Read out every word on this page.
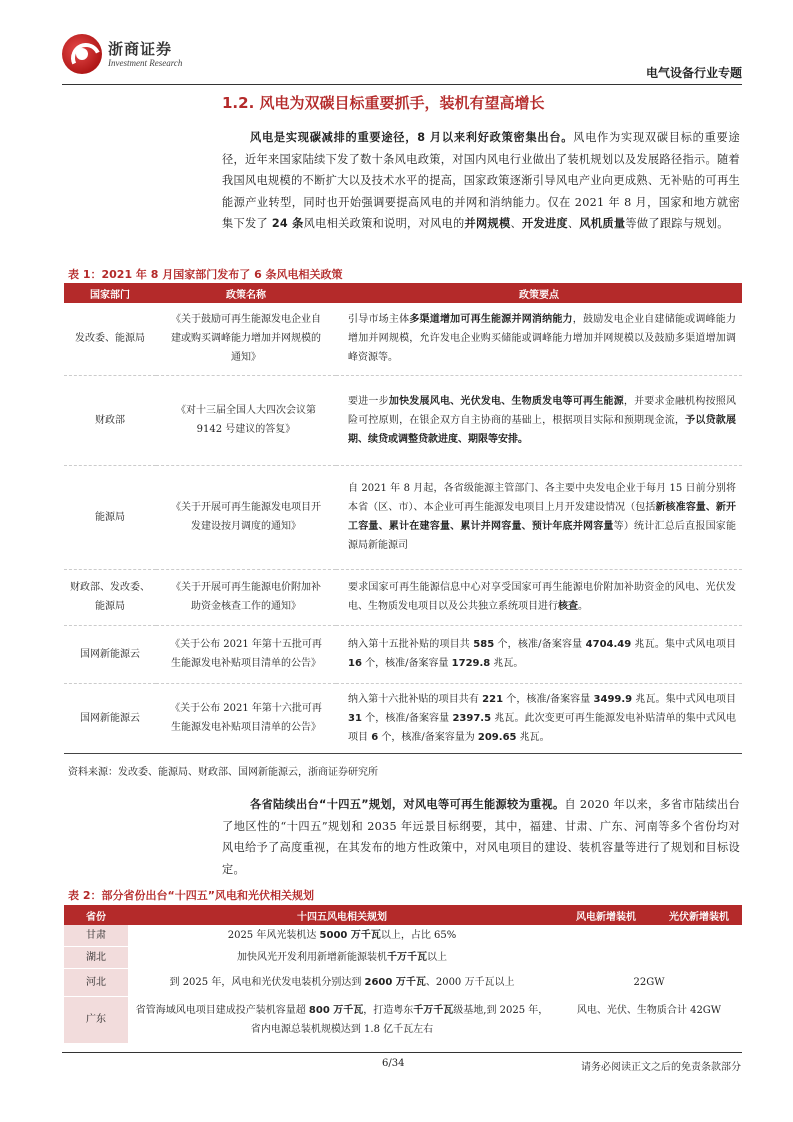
浙商证券
Investment Research
电气设备行业专题
1.2. 风电为双碳目标重要抓手，装机有望高增长
风电是实现碳减排的重要途径，8 月以来利好政策密集出台。风电作为实现双碳目标的重要途径，近年来国家陆续下发了数十条风电政策，对国内风电行业做出了装机规划以及发展路径指示。随着我国风电规模的不断扩大以及技术水平的提高，国家政策逐渐引导风电产业向更成熟、无补贴的可再生能源产业转型，同时也开始强调要提高风电的并网和消纳能力。仅在 2021 年 8 月，国家和地方就密集下发了 24 条风电相关政策和说明，对风电的并网规模、开发进度、风机质量等做了跟踪与规划。
表 1：2021 年 8 月国家部门发布了 6 条风电相关政策
国家部门	政策名称	政策要点
发改委、能源局	《关于鼓励可再生能源发电企业自建或购买调峰能力增加并网规模的通知》	引导市场主体多渠道增加可再生能源并网消纳能力，鼓励发电企业自建储能或调峰能力增加并网规模，允许发电企业购买储能或调峰能力增加并网规模以及鼓励多渠道增加调峰资源等。
财政部	《对十三届全国人大四次会议第 9142 号建议的答复》	要进一步加快发展风电、光伏发电、生物质发电等可再生能源，并要求金融机构按照风险可控原则，在银企双方自主协商的基础上，根据项目实际和预期现金流，予以贷款展期、续贷或调整贷款进度、期限等安排。
能源局	《关于开展可再生能源发电项目开发建设按月调度的通知》	自 2021 年 8 月起，各省级能源主管部门、各主要中央发电企业于每月 15 日前分别将本省（区、市）、本企业可再生能源发电项目上月开发建设情况（包括新核准容量、新开工容量、累计在建容量、累计并网容量、预计年底并网容量等）统计汇总后直报国家能源局新能源司
财政部、发改委、能源局	《关于开展可再生能源电价附加补助资金核查工作的通知》	要求国家可再生能源信息中心对享受国家可再生能源电价附加补助资金的风电、光伏发电、生物质发电项目以及公共独立系统项目进行核查。
国网新能源云	《关于公布 2021 年第十五批可再生能源发电补贴项目清单的公告》	纳入第十五批补贴的项目共 585 个，核准/备案容量 4704.49 兆瓦。集中式风电项目 16 个，核准/备案容量 1729.8 兆瓦。
国网新能源云	《关于公布 2021 年第十六批可再生能源发电补贴项目清单的公告》	纳入第十六批补贴的项目共有 221 个，核准/备案容量 3499.9 兆瓦。集中式风电项目 31 个，核准/备案容量 2397.5 兆瓦。此次变更可再生能源发电补贴清单的集中式风电项目 6 个，核准/备案容量为 209.65 兆瓦。
资料来源：发改委、能源局、财政部、国网新能源云，浙商证券研究所
各省陆续出台“十四五”规划，对风电等可再生能源较为重视。自 2020 年以来，多省市陆续出台了地区性的“十四五”规划和 2035 年远景目标纲要，其中，福建、甘肃、广东、河南等多个省份均对风电给予了高度重视，在其发布的地方性政策中，对风电项目的建设、装机容量等进行了规划和目标设定。
表 2：部分省份出台“十四五”风电和光伏相关规划
省份	十四五风电相关规划	风电新增装机	光伏新增装机
甘肃	2025 年风光装机达 5000 万千瓦以上，占比 65%		
湖北	加快风光开发利用新增新能源装机千万千瓦以上		
河北	到 2025 年，风电和光伏发电装机分别达到 2600 万千瓦、2000 万千瓦以上	22GW	
广东	省管海域风电项目建成投产装机容量超 800 万千瓦，打造粤东千万千瓦级基地,到 2025 年，省内电源总装机规模达到 1.8 亿千瓦左右	风电、光伏、生物质合计 42GW	
6/34	请务必阅读正文之后的免责条款部分
